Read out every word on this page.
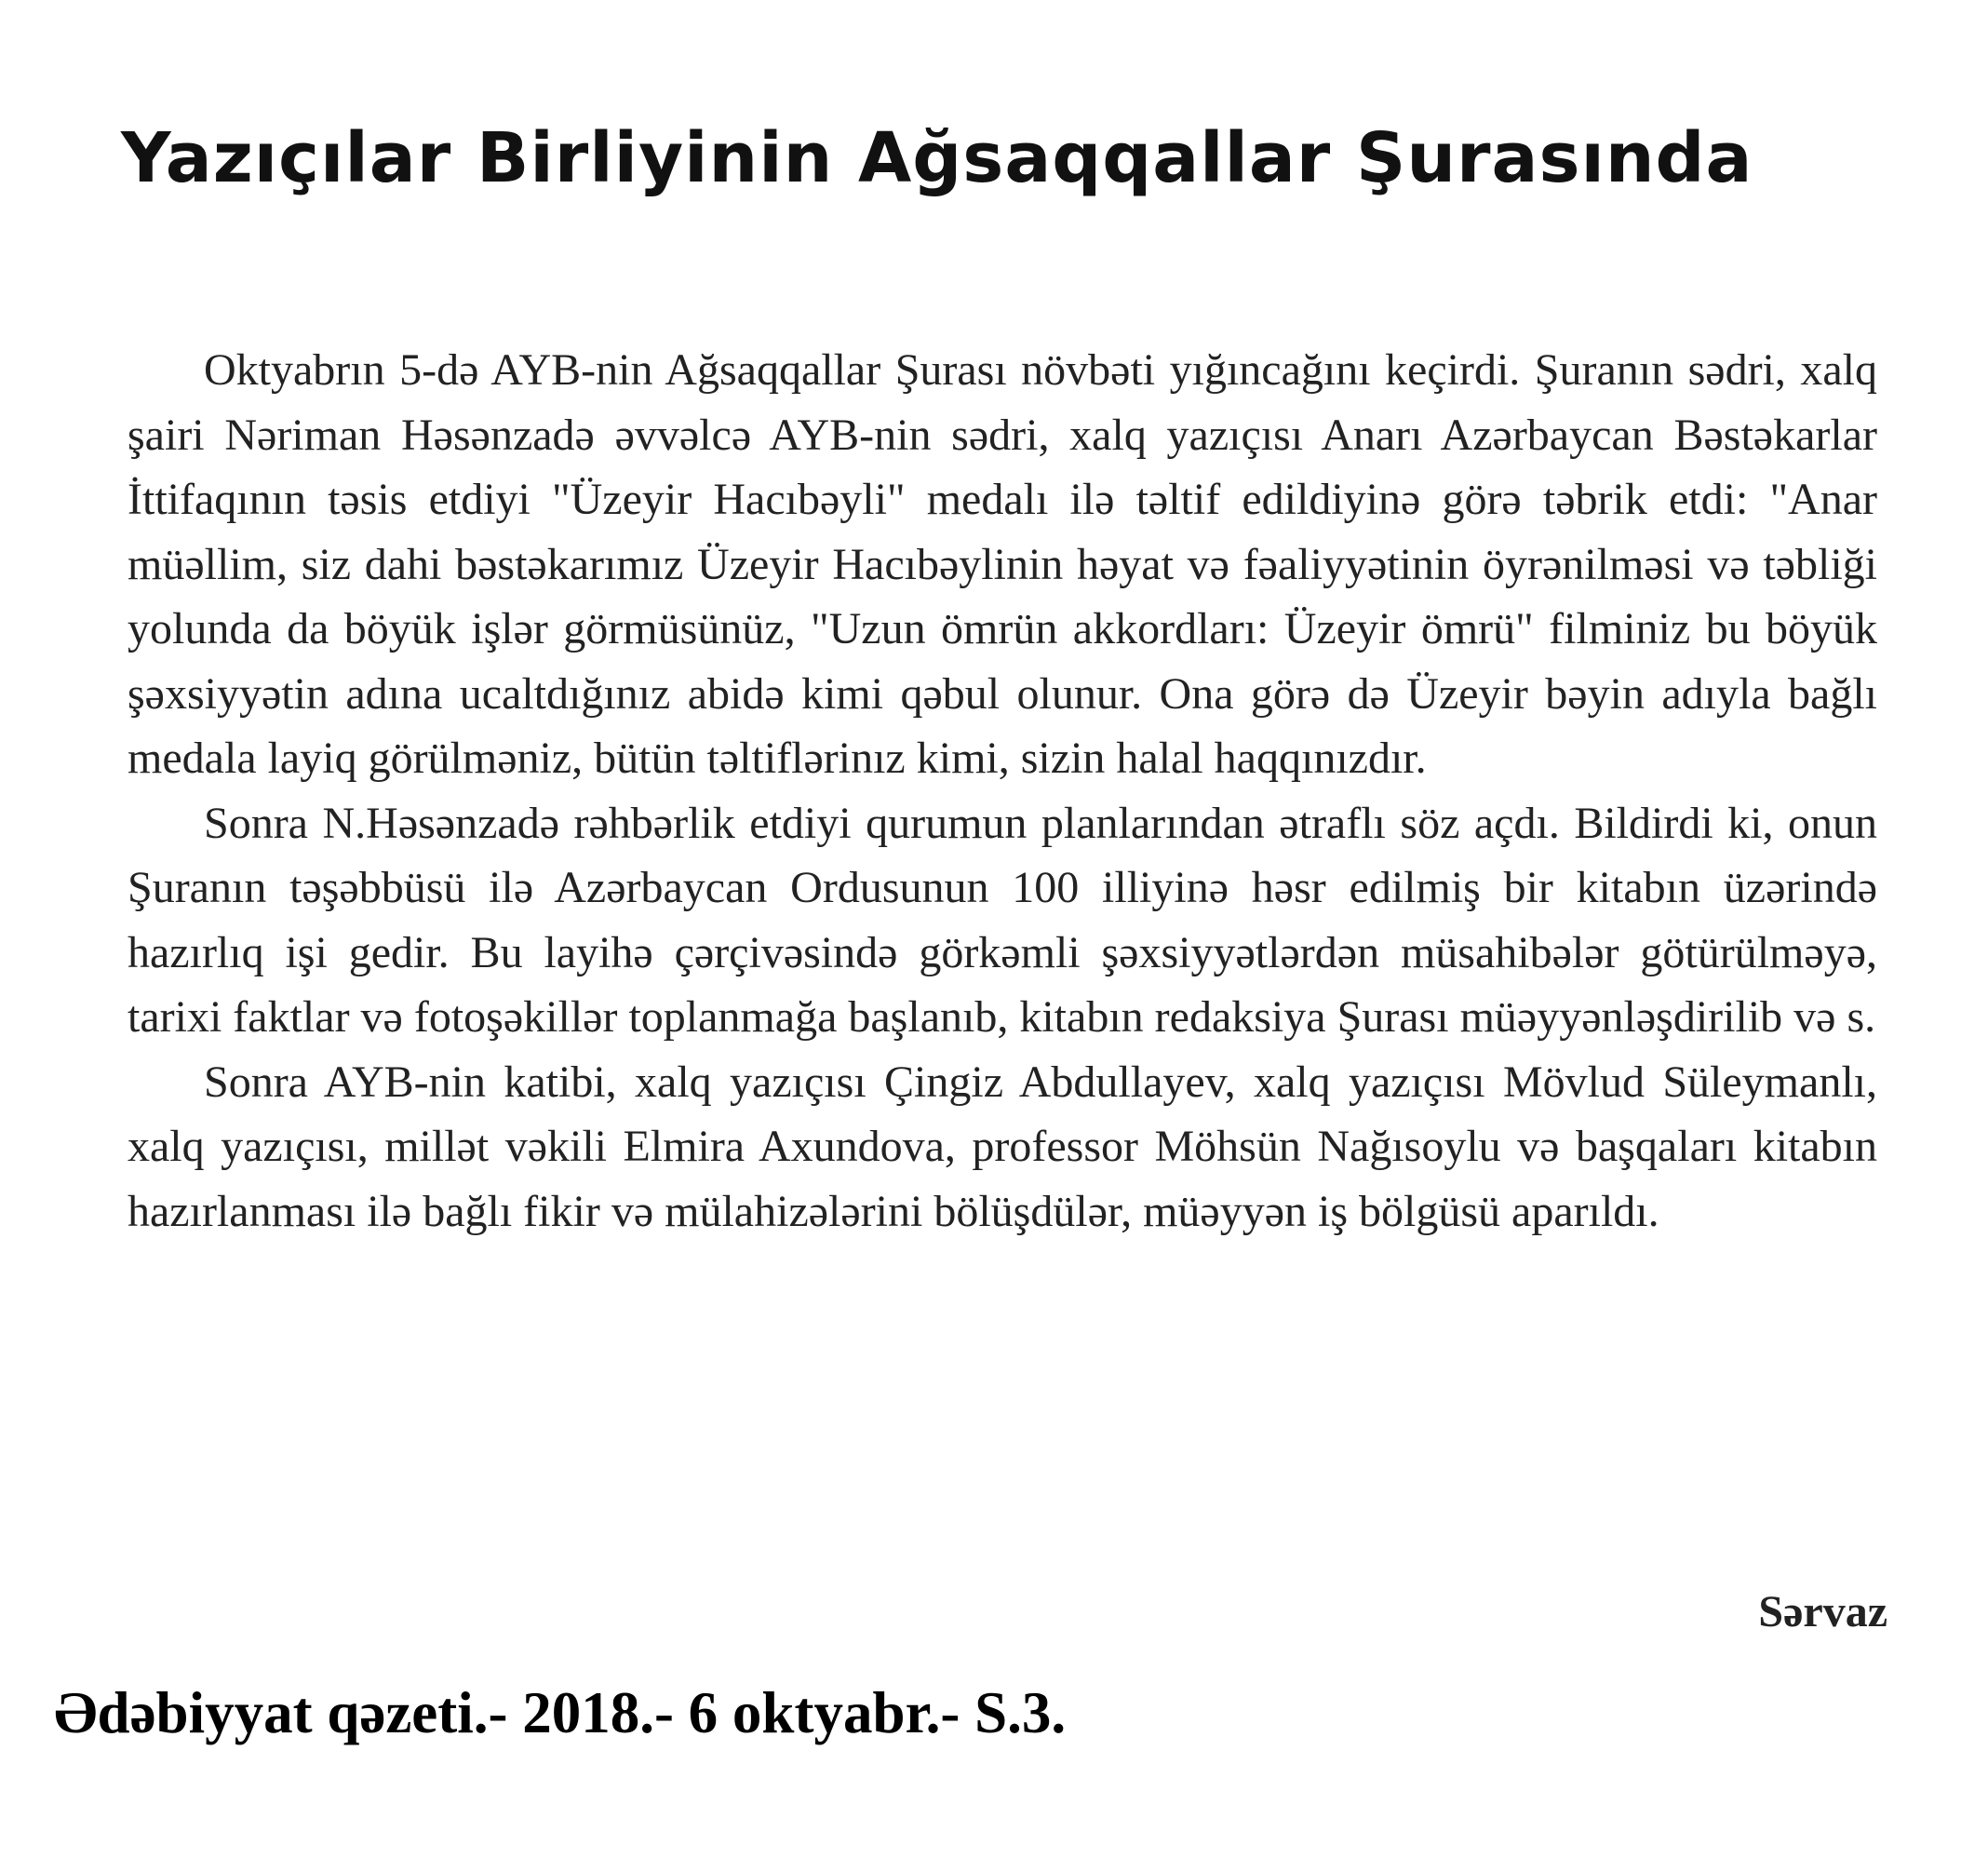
Yazıçılar Birliyinin Ağsaqqallar Şurasında

Oktyabrın 5-də AYB-nin Ağsaqqallar Şurası növbəti yığıncağını keçirdi. Şuranın sədri, xalq şairi Nəriman Həsənzadə əvvəlcə AYB-nin sədri, xalq yazıçısı Anarı Azərbaycan Bəstəkarlar İttifaqının təsis etdiyi "Üzeyir Hacıbəyli" medalı ilə təltif edildiyinə görə təbrik etdi: "Anar müəllim, siz dahi bəstəkarımız Üzeyir Hacıbəylinin həyat və fəaliyyətinin öyrənilməsi və təbliği yolunda da böyük işlər görmüsünüz, "Uzun ömrün akkordları: Üzeyir ömrü" filminiz bu böyük şəxsiyyətin adına ucaltdığınız abidə kimi qəbul olunur. Ona görə də Üzeyir bəyin adıyla bağlı medala layiq görülməniz, bütün təltiflərinız kimi, sizin halal haqqınızdır.

Sonra N.Həsənzadə rəhbərlik etdiyi qurumun planlarından ətraflı söz açdı. Bildirdi ki, onun Şuranın təşəbbüsü ilə Azərbaycan Ordusunun 100 illiyinə həsr edilmiş bir kitabın üzərində hazırlıq işi gedir. Bu layihə çərçivəsində görkəmli şəxsiyyətlərdən müsahibələr götürülməyə, tarixi faktlar və fotoşəkillər toplanmağa başlanıb, kitabın redaksiya Şurası müəyyənləşdirilib və s.

Sonra AYB-nin katibi, xalq yazıçısı Çingiz Abdullayev, xalq yazıçısı Mövlud Süleymanlı, xalq yazıçısı, millət vəkili Elmira Axundova, professor Möhsün Nağısoylu və başqaları kitabın hazırlanması ilə bağlı fikir və mülahizələrini bölüşdülər, müəyyən iş bölgüsü aparıldı.

Sərvaz
Ədəbiyyat qəzeti.- 2018.- 6 oktyabr.- S.3.
